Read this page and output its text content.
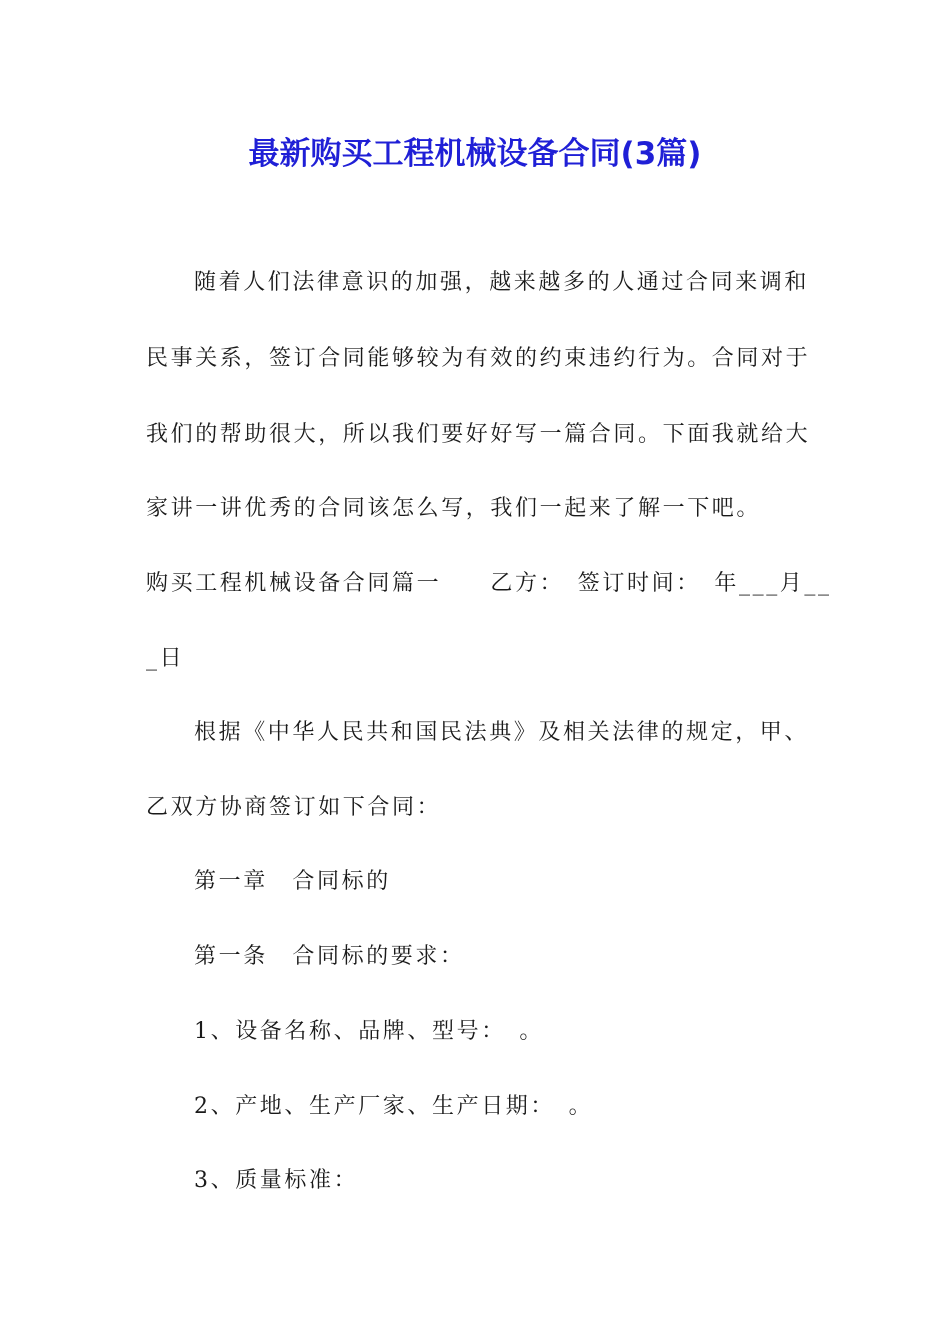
最新购买工程机械设备合同(3篇)
随着人们法律意识的加强，越来越多的人通过合同来调和
民事关系，签订合同能够较为有效的约束违约行为。合同对于
我们的帮助很大，所以我们要好好写一篇合同。下面我就给大
家讲一讲优秀的合同该怎么写，我们一起来了解一下吧。
购买工程机械设备合同篇一　　乙方：　签订时间：　年___月__
_日
根据《中华人民共和国民法典》及相关法律的规定，甲、
乙双方协商签订如下合同：
第一章　合同标的
第一条　合同标的要求：
1、设备名称、品牌、型号：　。
2、产地、生产厂家、生产日期：　。
3、质量标准：
